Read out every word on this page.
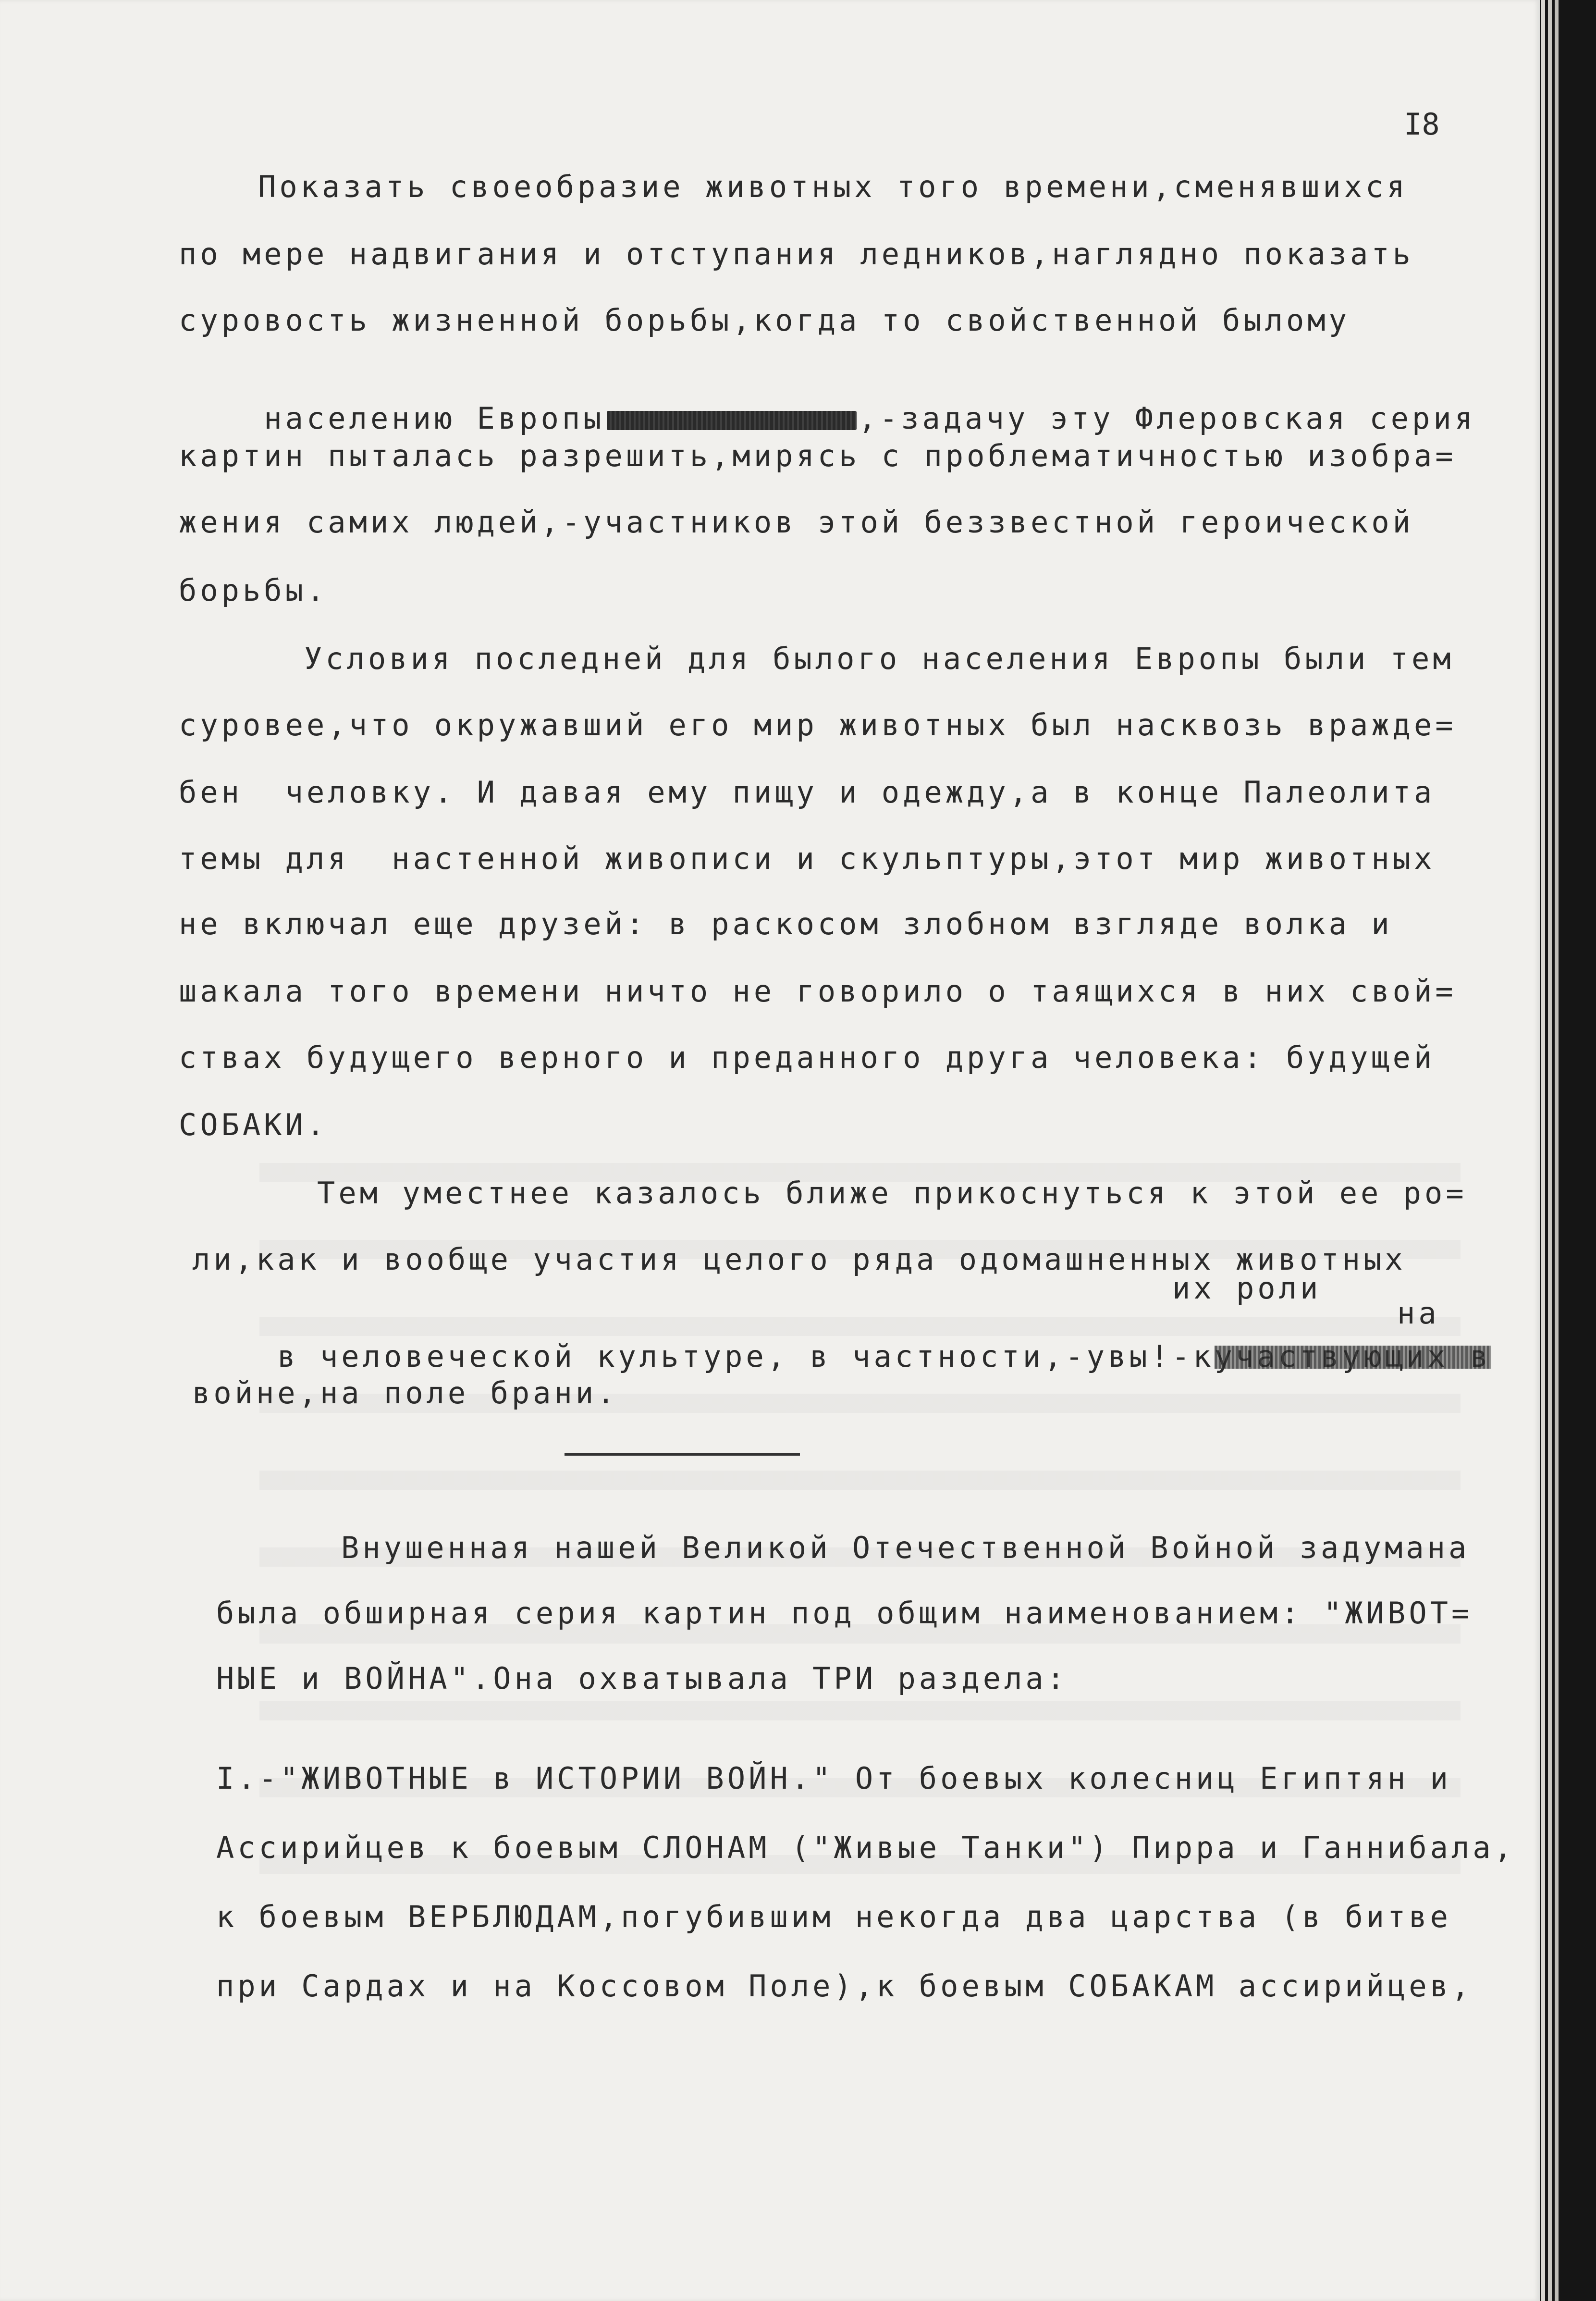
I8
Показать своеобразие животных того времени,сменявшихся
по мере надвигания и отступания ледников,наглядно показать
суровость жизненной борьбы,когда то свойственной былому

населению Европы	,-задачу эту Флеровская серия

картин пыталась разрешить,мирясь с проблематичностью изобра=
жения самих людей,-участников этой беззвестной героической
борьбы.
Условия последней для былого населения Европы были тем
суровее,что окружавший его мир животных был насквозь вражде=
бен  человку. И давая ему пищу и одежду,а в конце Палеолита
темы для  настенной живописи и скульптуры,этот мир животных
не включал еще друзей: в раскосом злобном взгляде волка и
шакала того времени ничто не говорило о таящихся в них свой=
ствах будущего верного и преданного друга человека: будущей
СОБАКИ.
Тем уместнее казалось ближе прикоснуться к этой ее ро=
ли,как и вообще участия целого ряда одомашненных животных
их роли

в человеческой культуре, в частности,-увы!-к

на
войне,на поле брани.
Внушенная нашей Великой Отечественной Войной задумана
была обширная серия картин под общим наименованием: "ЖИВОТ=
НЫЕ и ВОЙНА".Она охватывала ТРИ раздела:
I.-"ЖИВОТНЫЕ в ИСТОРИИ ВОЙН." От боевых колесниц Египтян и
Ассирийцев к боевым СЛОНАМ ("Живые Танки") Пирра и Ганнибала,
к боевым ВЕРБЛЮДАМ,погубившим некогда два царства (в битве
при Сардах и на Коссовом Поле),к боевым СОБАКАМ ассирийцев,
